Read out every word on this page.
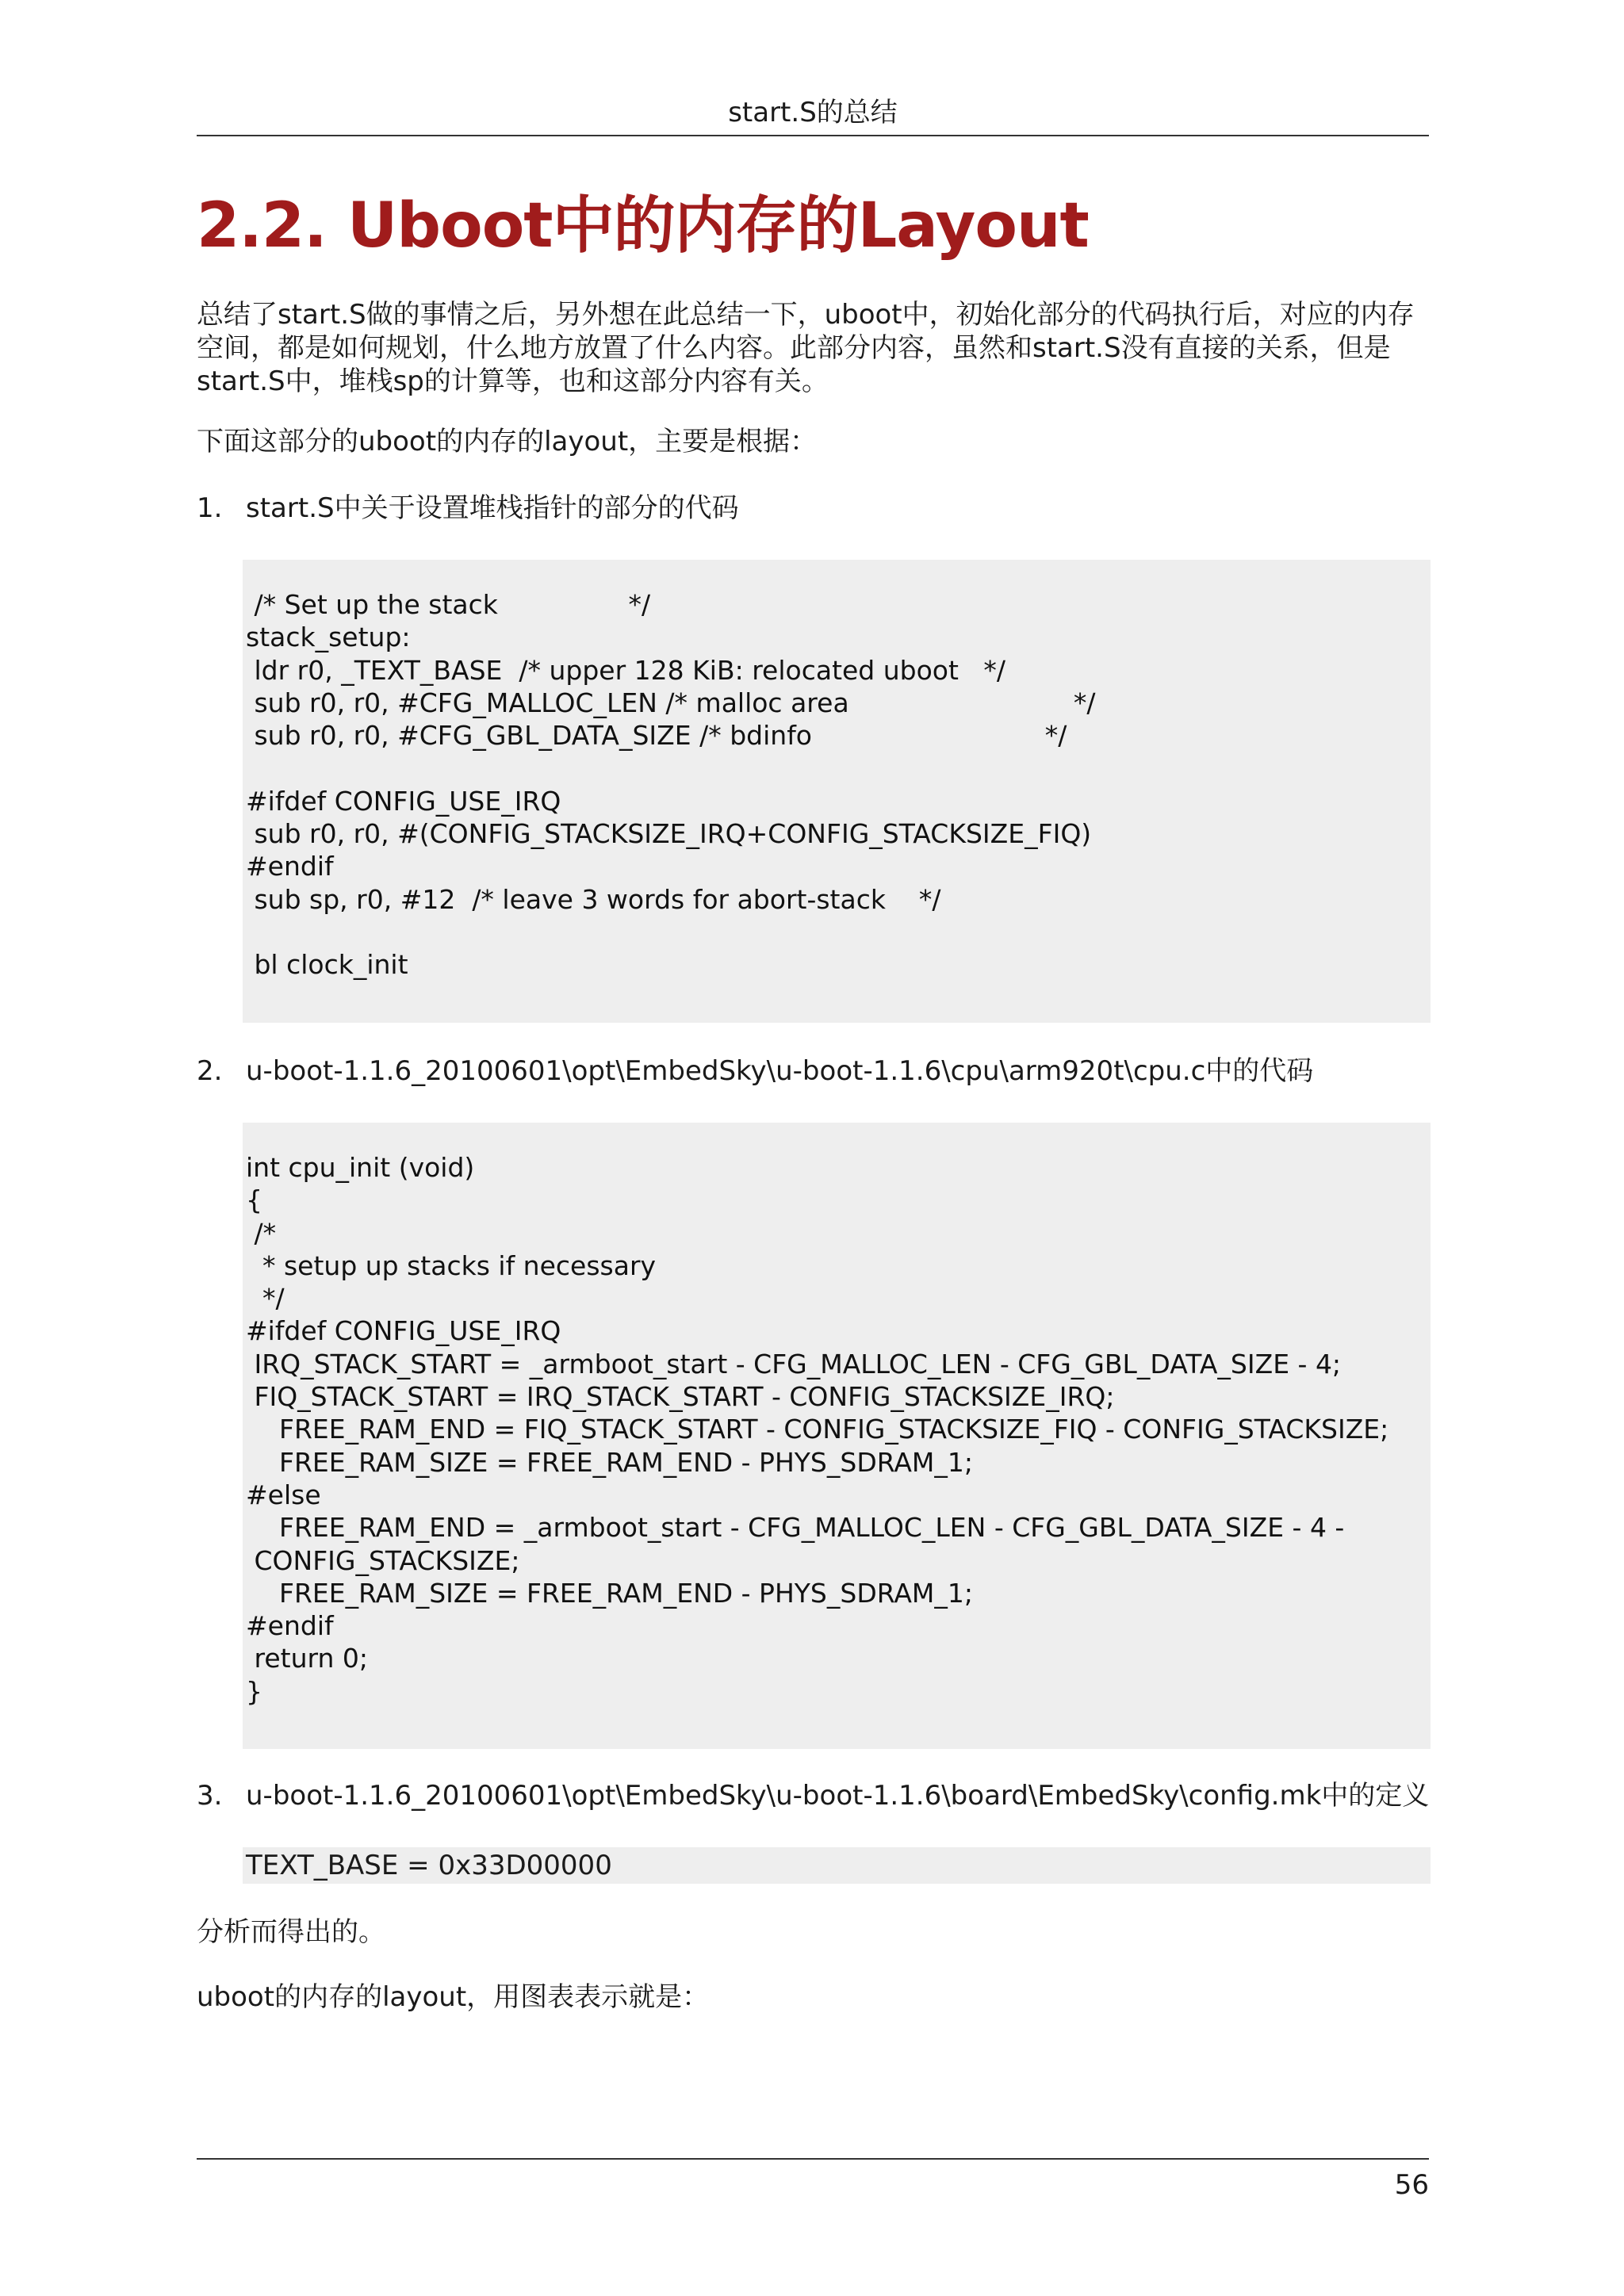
start.S的总结
2.2. Uboot中的内存的Layout

总结了start.S做的事情之后，另外想在此总结一下，uboot中，初始化部分的代码执行后，对应的内存

空间，都是如何规划，什么地方放置了什么内容。此部分内容，虽然和start.S没有直接的关系，但是

start.S中，堆栈sp的计算等，也和这部分内容有关。

下面这部分的uboot的内存的layout，主要是根据：

1. start.S中关于设置堆栈指针的部分的代码
/* Set up the stack		*/
stack_setup:
ldr r0, _TEXT_BASE  /* upper 128 KiB: relocated uboot   */
sub r0, r0, #CFG_MALLOC_LEN /* malloc area                           */
sub r0, r0, #CFG_GBL_DATA_SIZE /* bdinfo                            */

#ifdef CONFIG_USE_IRQ
sub r0, r0, #(CONFIG_STACKSIZE_IRQ+CONFIG_STACKSIZE_FIQ)
#endif
sub sp, r0, #12  /* leave 3 words for abort-stack    */

bl clock_init
2. u-boot-1.1.6_20100601\opt\EmbedSky\u-boot-1.1.6\cpu\arm920t\cpu.c中的代码
int cpu_init (void)
{
/*
* setup up stacks if necessary
*/
#ifdef CONFIG_USE_IRQ
IRQ_STACK_START = _armboot_start - CFG_MALLOC_LEN - CFG_GBL_DATA_SIZE - 4;
FIQ_STACK_START = IRQ_STACK_START - CONFIG_STACKSIZE_IRQ;
FREE_RAM_END = FIQ_STACK_START - CONFIG_STACKSIZE_FIQ - CONFIG_STACKSIZE;
FREE_RAM_SIZE = FREE_RAM_END - PHYS_SDRAM_1;
#else
FREE_RAM_END = _armboot_start - CFG_MALLOC_LEN - CFG_GBL_DATA_SIZE - 4 -
CONFIG_STACKSIZE;
FREE_RAM_SIZE = FREE_RAM_END - PHYS_SDRAM_1;
#endif
return 0;
}
3. u-boot-1.1.6_20100601\opt\EmbedSky\u-boot-1.1.6\board\EmbedSky\config.mk中的定义
TEXT_BASE = 0x33D00000

分析而得出的。

uboot的内存的layout，用图表表示就是：

56
